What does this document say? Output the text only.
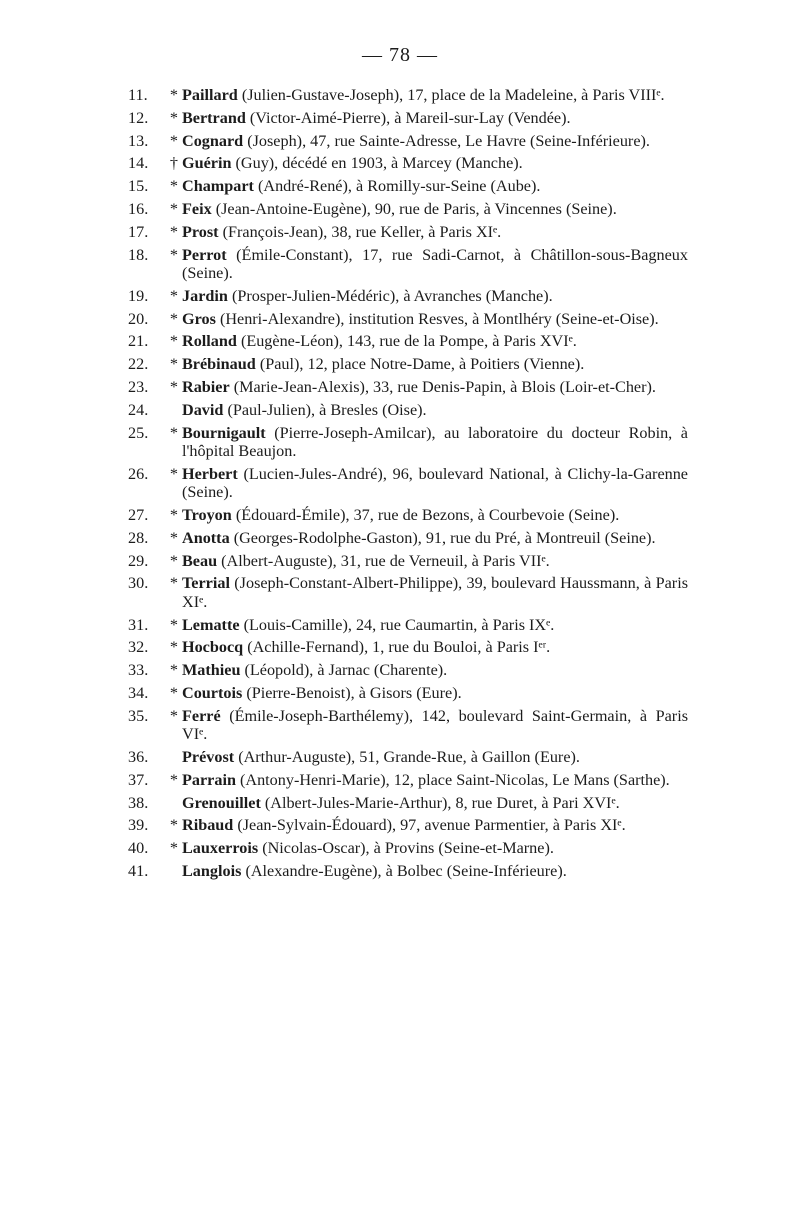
— 78 —
11.	* Paillard (Julien-Gustave-Joseph), 17, place de la Madeleine, à Paris VIIIᵉ.
12.	* Bertrand (Victor-Aimé-Pierre), à Mareil-sur-Lay (Vendée).
13.	* Cognard (Joseph), 47, rue Sainte-Adresse, Le Havre (Seine-Inférieure).
14.	† Guérin (Guy), décédé en 1903, à Marcey (Manche).
15.	* Champart (André-René), à Romilly-sur-Seine (Aube).
16.	* Feix (Jean-Antoine-Eugène), 90, rue de Paris, à Vincennes (Seine).
17.	* Prost (François-Jean), 38, rue Keller, à Paris XIᵉ.
18.	* Perrot (Émile-Constant), 17, rue Sadi-Carnot, à Châtillon-sous-Bagneux (Seine).
19.	* Jardin (Prosper-Julien-Médéric), à Avranches (Manche).
20.	* Gros (Henri-Alexandre), institution Resves, à Montlhéry (Seine-et-Oise).
21.	* Rolland (Eugène-Léon), 143, rue de la Pompe, à Paris XVIᵉ.
22.	* Brébinaud (Paul), 12, place Notre-Dame, à Poitiers (Vienne).
23.	* Rabier (Marie-Jean-Alexis), 33, rue Denis-Papin, à Blois (Loir-et-Cher).
24.	David (Paul-Julien), à Bresles (Oise).
25.	* Bournigault (Pierre-Joseph-Amilcar), au laboratoire du docteur Robin, à l'hôpital Beaujon.
26.	* Herbert (Lucien-Jules-André), 96, boulevard National, à Clichy-la-Garenne (Seine).
27.	* Troyon (Édouard-Émile), 37, rue de Bezons, à Courbevoie (Seine).
28.	* Anotta (Georges-Rodolphe-Gaston), 91, rue du Pré, à Montreuil (Seine).
29.	* Beau (Albert-Auguste), 31, rue de Verneuil, à Paris VIIᵉ.
30.	* Terrial (Joseph-Constant-Albert-Philippe), 39, boulevard Haussmann, à Paris XIᵉ.
31.	* Lematte (Louis-Camille), 24, rue Caumartin, à Paris IXᵉ.
32.	* Hocbocq (Achille-Fernand), 1, rue du Bouloi, à Paris Iᵉʳ.
33.	* Mathieu (Léopold), à Jarnac (Charente).
34.	* Courtois (Pierre-Benoist), à Gisors (Eure).
35.	* Ferré (Émile-Joseph-Barthélemy), 142, boulevard Saint-Germain, à Paris VIᵉ.
36.	Prévost (Arthur-Auguste), 51, Grande-Rue, à Gaillon (Eure).
37.	* Parrain (Antony-Henri-Marie), 12, place Saint-Nicolas, Le Mans (Sarthe).
38.	Grenouillet (Albert-Jules-Marie-Arthur), 8, rue Duret, à Pari XVIᵉ.
39.	* Ribaud (Jean-Sylvain-Édouard), 97, avenue Parmentier, à Paris XIᵉ.
40.	* Lauxerrois (Nicolas-Oscar), à Provins (Seine-et-Marne).
41.	Langlois (Alexandre-Eugène), à Bolbec (Seine-Inférieure).
